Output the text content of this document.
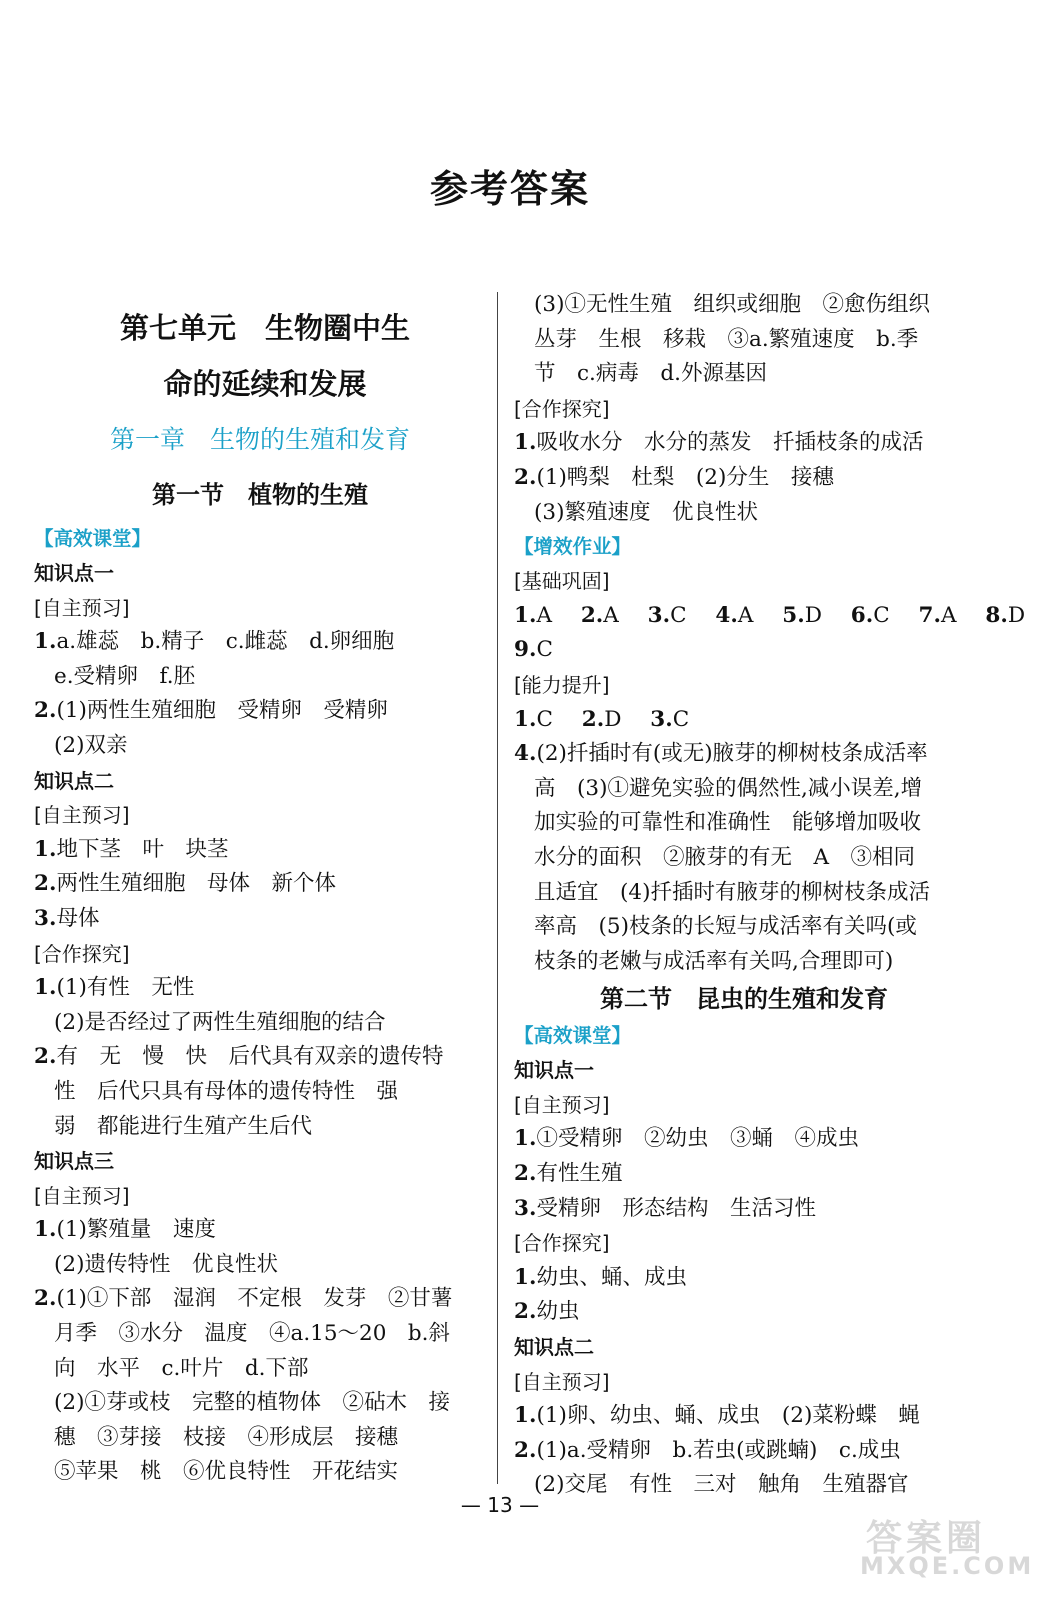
参考答案
第七单元　生物圈中生
命的延续和发展
第一章　生物的生殖和发育
第一节　植物的生殖
【高效课堂】
知识点一
[自主预习]
1.a.雄蕊　b.精子　c.雌蕊　d.卵细胞
e.受精卵　f.胚
2.(1)两性生殖细胞　受精卵　受精卵
(2)双亲
知识点二
[自主预习]
1.地下茎　叶　块茎
2.两性生殖细胞　母体　新个体
3.母体
[合作探究]
1.(1)有性　无性
(2)是否经过了两性生殖细胞的结合
2.有　无　慢　快　后代具有双亲的遗传特
性　后代只具有母体的遗传特性　强
弱　都能进行生殖产生后代
知识点三
[自主预习]
1.(1)繁殖量　速度
(2)遗传特性　优良性状
2.(1)①下部　湿润　不定根　发芽　②甘薯
月季　③水分　温度　④a.15～20　b.斜
向　水平　c.叶片　d.下部
(2)①芽或枝　完整的植物体　②砧木　接
穗　③芽接　枝接　④形成层　接穗
⑤苹果　桃　⑥优良特性　开花结实
(3)①无性生殖　组织或细胞　②愈伤组织
丛芽　生根　移栽　③a.繁殖速度　b.季
节　c.病毒　d.外源基因
[合作探究]
1.吸收水分　水分的蒸发　扦插枝条的成活
2.(1)鸭梨　杜梨　(2)分生　接穗
(3)繁殖速度　优良性状
【增效作业】
[基础巩固]
1.A 2.A 3.C 4.A 5.D 6.C 7.A 8.D
9.C
[能力提升]
1.C 2.D 3.C
4.(2)扦插时有(或无)腋芽的柳树枝条成活率
高　(3)①避免实验的偶然性,减小误差,增
加实验的可靠性和准确性　能够增加吸收
水分的面积　②腋芽的有无　A　③相同
且适宜　(4)扦插时有腋芽的柳树枝条成活
率高　(5)枝条的长短与成活率有关吗(或
枝条的老嫩与成活率有关吗,合理即可)
第二节　昆虫的生殖和发育
【高效课堂】
知识点一
[自主预习]
1.①受精卵　②幼虫　③蛹　④成虫
2.有性生殖
3.受精卵　形态结构　生活习性
[合作探究]
1.幼虫、蛹、成虫
2.幼虫
知识点二
[自主预习]
1.(1)卵、幼虫、蛹、成虫　(2)菜粉蝶　蝇
2.(1)a.受精卵　b.若虫(或跳蝻)　c.成虫
(2)交尾　有性　三对　触角　生殖器官
— 13 —
答案圈
MXQE.COM
